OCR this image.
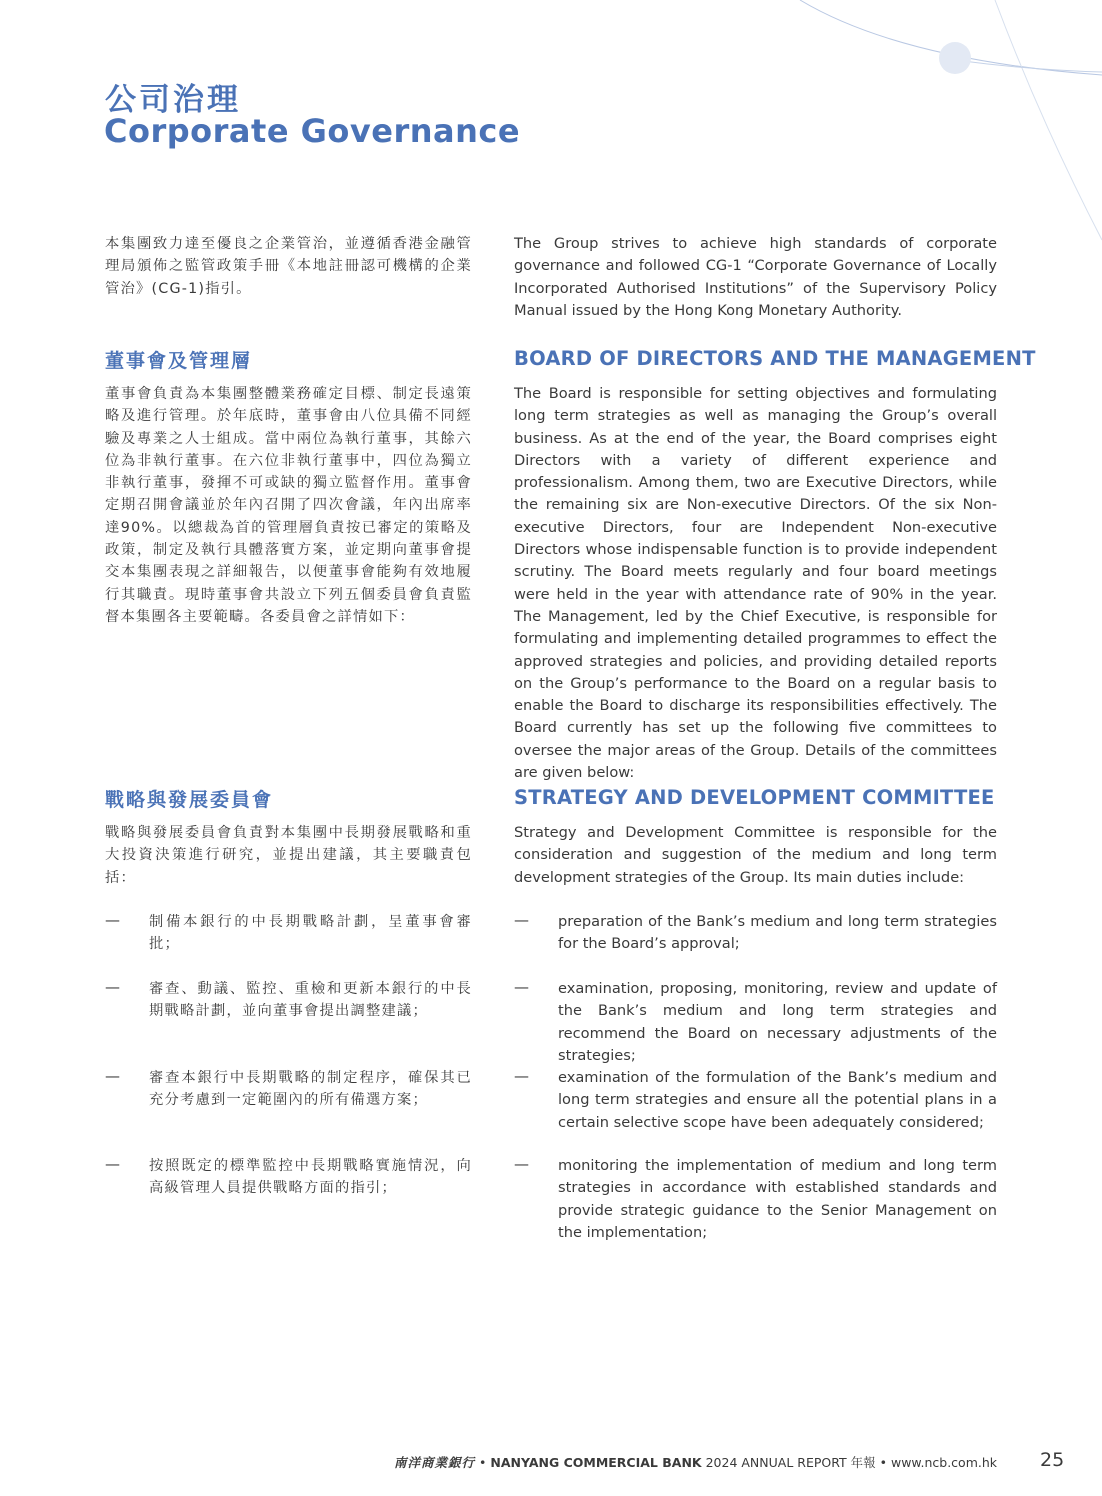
公司治理
Corporate Governance

本集團致力達至優良之企業管治，並遵循香港金融管理局頒佈之監管政策手冊《本地註冊認可機構的企業管治》(CG-1)指引。

The Group strives to achieve high standards of corporate governance and followed CG-1 “Corporate Governance of Locally Incorporated Authorised Institutions” of the Supervisory Policy Manual issued by the Hong Kong Monetary Authority.

董事會及管理層	BOARD OF DIRECTORS AND THE MANAGEMENT

董事會負責為本集團整體業務確定目標、制定長遠策略及進行管理。於年底時，董事會由八位具備不同經驗及專業之人士組成。當中兩位為執行董事，其餘六位為非執行董事。在六位非執行董事中，四位為獨立非執行董事，發揮不可或缺的獨立監督作用。董事會定期召開會議並於年內召開了四次會議，年內出席率達90%。以總裁為首的管理層負責按已審定的策略及政策，制定及執行具體落實方案，並定期向董事會提交本集團表現之詳細報告，以便董事會能夠有效地履行其職責。現時董事會共設立下列五個委員會負責監督本集團各主要範疇。各委員會之詳情如下：

The Board is responsible for setting objectives and formulating long term strategies as well as managing the Group’s overall business. As at the end of the year, the Board comprises eight Directors with a variety of different experience and professionalism. Among them, two are Executive Directors, while the remaining six are Non-executive Directors. Of the six Non-executive Directors, four are Independent Non-executive Directors whose indispensable function is to provide independent scrutiny. The Board meets regularly and four board meetings were held in the year with attendance rate of 90% in the year. The Management, led by the Chief Executive, is responsible for formulating and implementing detailed programmes to effect the approved strategies and policies, and providing detailed reports on the Group’s performance to the Board on a regular basis to enable the Board to discharge its responsibilities effectively. The Board currently has set up the following five committees to oversee the major areas of the Group. Details of the committees are given below:

戰略與發展委員會	STRATEGY AND DEVELOPMENT COMMITTEE

戰略與發展委員會負責對本集團中長期發展戰略和重大投資決策進行研究，並提出建議，其主要職責包括：

Strategy and Development Committee is responsible for the consideration and suggestion of the medium and long term development strategies of the Group. Its main duties include:

— 制備本銀行的中長期戰略計劃，呈董事會審批；

— preparation of the Bank’s medium and long term strategies for the Board’s approval;

— 審查、動議、監控、重檢和更新本銀行的中長期戰略計劃，並向董事會提出調整建議；

— examination, proposing, monitoring, review and update of the Bank’s medium and long term strategies and recommend the Board on necessary adjustments of the strategies;

— 審查本銀行中長期戰略的制定程序，確保其已充分考慮到一定範圍內的所有備選方案；

— examination of the formulation of the Bank’s medium and long term strategies and ensure all the potential plans in a certain selective scope have been adequately considered;

— 按照既定的標準監控中長期戰略實施情況，向高級管理人員提供戰略方面的指引；

— monitoring the implementation of medium and long term strategies in accordance with established standards and provide strategic guidance to the Senior Management on the implementation;

南洋商業銀行 • NANYANG COMMERCIAL BANK 2024 ANNUAL REPORT 年報 • www.ncb.com.hk 25
